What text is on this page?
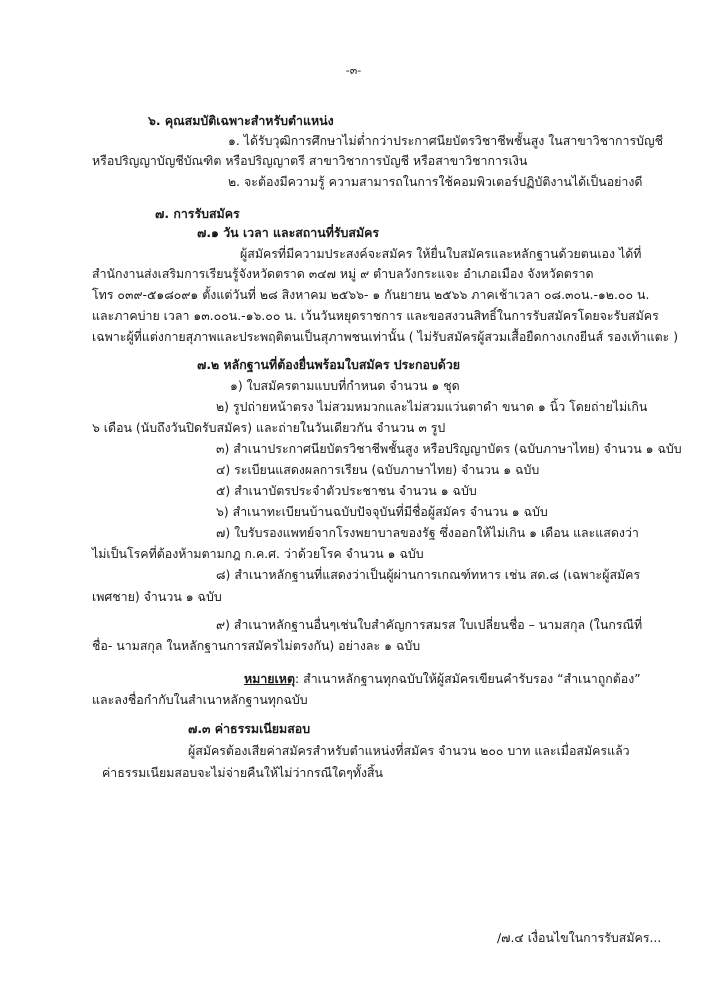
-๓-
๖. คุณสมบัติเฉพาะสำหรับตำแหน่ง
๑. ได้รับวุฒิการศึกษาไม่ต่ำกว่าประกาศนียบัตรวิชาชีพชั้นสูง ในสาขาวิชาการบัญชี
หรือปริญญาบัญชีบัณฑิต หรือปริญญาตรี สาขาวิชาการบัญชี หรือสาขาวิชาการเงิน
๒. จะต้องมีความรู้ ความสามารถในการใช้คอมพิวเตอร์ปฏิบัติงานได้เป็นอย่างดี
๗. การรับสมัคร
๗.๑ วัน เวลา และสถานที่รับสมัคร
ผู้สมัครที่มีความประสงค์จะสมัคร ให้ยื่นใบสมัครและหลักฐานด้วยตนเอง ได้ที่
สำนักงานส่งเสริมการเรียนรู้จังหวัดตราด ๓๔๗ หมู่ ๙ ตำบลวังกระแจะ อำเภอเมือง จังหวัดตราด
โทร ๐๓๙-๕๑๘๐๙๑ ตั้งแต่วันที่ ๒๘ สิงหาคม ๒๕๖๖- ๑ กันยายน ๒๕๖๖ ภาคเช้าเวลา ๐๘.๓๐น.-๑๒.๐๐ น.
และภาคบ่าย เวลา ๑๓.๐๐น.-๑๖.๐๐ น. เว้นวันหยุดราชการ และขอสงวนสิทธิ์ในการรับสมัครโดยจะรับสมัคร
เฉพาะผู้ที่แต่งกายสุภาพและประพฤติตนเป็นสุภาพชนเท่านั้น ( ไม่รับสมัครผู้สวมเสื้อยืดกางเกงยีนส์ รองเท้าแตะ )
๗.๒ หลักฐานที่ต้องยื่นพร้อมใบสมัคร ประกอบด้วย
๑) ใบสมัครตามแบบที่กำหนด จำนวน ๑ ชุด
๒) รูปถ่ายหน้าตรง ไม่สวมหมวกและไม่สวมแว่นตาดำ ขนาด ๑ นิ้ว โดยถ่ายไม่เกิน
๖ เดือน (นับถึงวันปิดรับสมัคร) และถ่ายในวันเดียวกัน จำนวน ๓ รูป
๓) สำเนาประกาศนียบัตรวิชาชีพชั้นสูง หรือปริญญาบัตร (ฉบับภาษาไทย) จำนวน ๑ ฉบับ
๔) ระเบียนแสดงผลการเรียน (ฉบับภาษาไทย) จำนวน ๑ ฉบับ
๕) สำเนาบัตรประจำตัวประชาชน จำนวน ๑ ฉบับ
๖) สำเนาทะเบียนบ้านฉบับปัจจุบันที่มีชื่อผู้สมัคร จำนวน ๑ ฉบับ
๗) ใบรับรองแพทย์จากโรงพยาบาลของรัฐ ซึ่งออกให้ไม่เกิน ๑ เดือน และแสดงว่า
ไม่เป็นโรคที่ต้องห้ามตามกฎ ก.ค.ศ. ว่าด้วยโรค จำนวน ๑ ฉบับ
๘) สำเนาหลักฐานที่แสดงว่าเป็นผู้ผ่านการเกณฑ์ทหาร เช่น สด.๘ (เฉพาะผู้สมัคร
เพศชาย) จำนวน ๑ ฉบับ
๙) สำเนาหลักฐานอื่นๆเช่นใบสำคัญการสมรส ใบเปลี่ยนชื่อ – นามสกุล (ในกรณีที่
ชื่อ- นามสกุล ในหลักฐานการสมัครไม่ตรงกัน) อย่างละ ๑ ฉบับ
หมายเหตุ: สำเนาหลักฐานทุกฉบับให้ผู้สมัครเขียนคำรับรอง “สำเนาถูกต้อง”
และลงชื่อกำกับในสำเนาหลักฐานทุกฉบับ
๗.๓ ค่าธรรมเนียมสอบ
ผู้สมัครต้องเสียค่าสมัครสำหรับตำแหน่งที่สมัคร จำนวน ๒๐๐ บาท และเมื่อสมัครแล้ว
ค่าธรรมเนียมสอบจะไม่จ่ายคืนให้ไม่ว่ากรณีใดๆทั้งสิ้น
/๗.๔ เงื่อนไขในการรับสมัคร...
